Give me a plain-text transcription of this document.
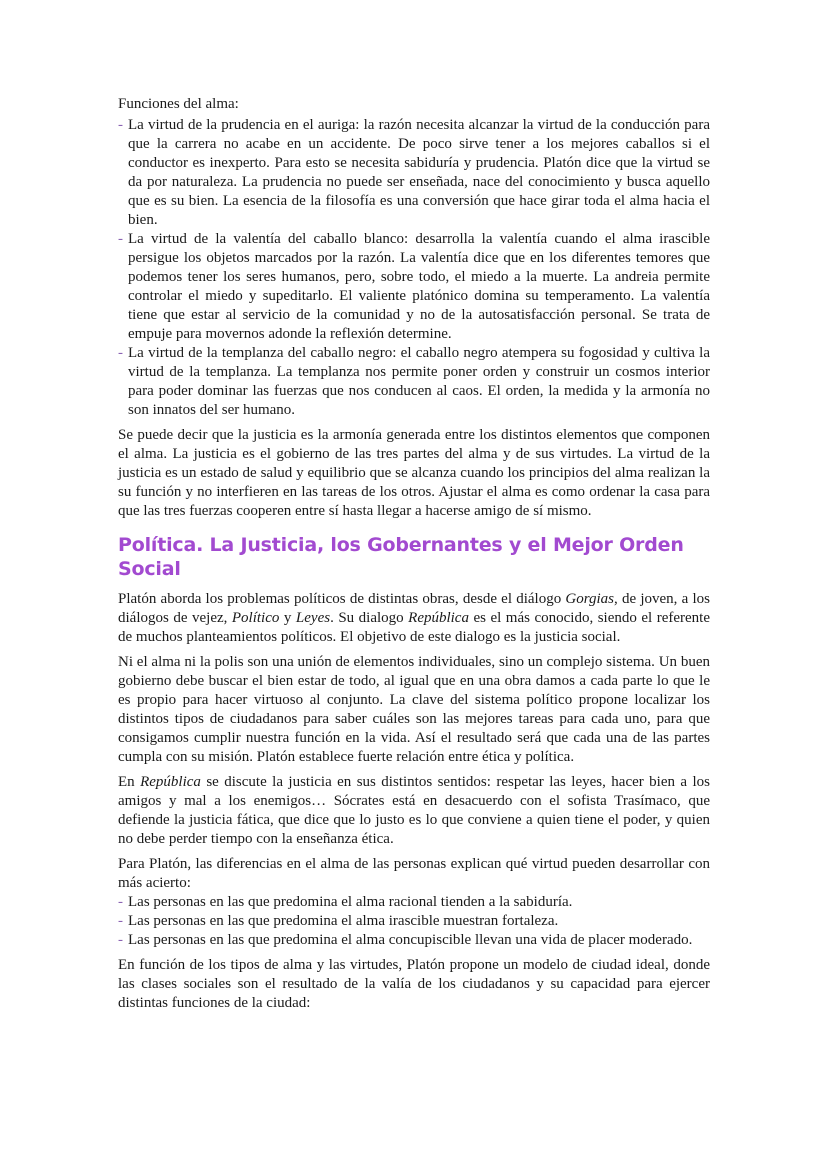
Funciones del alma:

- La virtud de la prudencia en el auriga: la razón necesita alcanzar la virtud de la conducción para que la carrera no acabe en un accidente. De poco sirve tener a los mejores caballos si el conductor es inexperto. Para esto se necesita sabiduría y prudencia. Platón dice que la virtud se da por naturaleza. La prudencia no puede ser enseñada, nace del conocimiento y busca aquello que es su bien. La esencia de la filosofía es una conversión que hace girar toda el alma hacia el bien.
- La virtud de la valentía del caballo blanco: desarrolla la valentía cuando el alma irascible persigue los objetos marcados por la razón. La valentía dice que en los diferentes temores que podemos tener los seres humanos, pero, sobre todo, el miedo a la muerte. La andreia permite controlar el miedo y supeditarlo. El valiente platónico domina su temperamento. La valentía tiene que estar al servicio de la comunidad y no de la autosatisfacción personal. Se trata de empuje para movernos adonde la reflexión determine.
- La virtud de la templanza del caballo negro: el caballo negro atempera su fogosidad y cultiva la virtud de la templanza. La templanza nos permite poner orden y construir un cosmos interior para poder dominar las fuerzas que nos conducen al caos. El orden, la medida y la armonía no son innatos del ser humano.

Se puede decir que la justicia es la armonía generada entre los distintos elementos que componen el alma. La justicia es el gobierno de las tres partes del alma y de sus virtudes. La virtud de la justicia es un estado de salud y equilibrio que se alcanza cuando los principios del alma realizan la su función y no interfieren en las tareas de los otros. Ajustar el alma es como ordenar la casa para que las tres fuerzas cooperen entre sí hasta llegar a hacerse amigo de sí mismo.

Política. La Justicia, los Gobernantes y el Mejor Orden Social

Platón aborda los problemas políticos de distintas obras, desde el diálogo Gorgias, de joven, a los diálogos de vejez, Político y Leyes. Su dialogo República es el más conocido, siendo el referente de muchos planteamientos políticos. El objetivo de este dialogo es la justicia social.

Ni el alma ni la polis son una unión de elementos individuales, sino un complejo sistema. Un buen gobierno debe buscar el bien estar de todo, al igual que en una obra damos a cada parte lo que le es propio para hacer virtuoso al conjunto. La clave del sistema político propone localizar los distintos tipos de ciudadanos para saber cuáles son las mejores tareas para cada uno, para que consigamos cumplir nuestra función en la vida. Así el resultado será que cada una de las partes cumpla con su misión. Platón establece fuerte relación entre ética y política.

En República se discute la justicia en sus distintos sentidos: respetar las leyes, hacer bien a los amigos y mal a los enemigos… Sócrates está en desacuerdo con el sofista Trasímaco, que defiende la justicia fática, que dice que lo justo es lo que conviene a quien tiene el poder, y quien no debe perder tiempo con la enseñanza ética.

Para Platón, las diferencias en el alma de las personas explican qué virtud pueden desarrollar con más acierto:

- Las personas en las que predomina el alma racional tienden a la sabiduría.
- Las personas en las que predomina el alma irascible muestran fortaleza.
- Las personas en las que predomina el alma concupiscible llevan una vida de placer moderado.

En función de los tipos de alma y las virtudes, Platón propone un modelo de ciudad ideal, donde las clases sociales son el resultado de la valía de los ciudadanos y su capacidad para ejercer distintas funciones de la ciudad:
